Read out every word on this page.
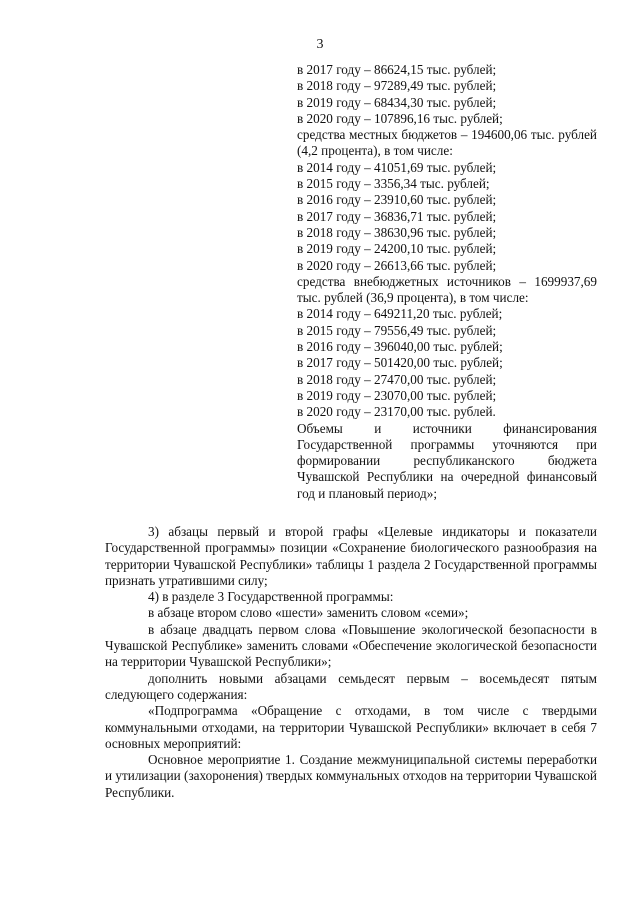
3
в 2017 году – 86624,15 тыс. рублей;
в 2018 году – 97289,49 тыс. рублей;
в 2019 году – 68434,30 тыс. рублей;
в 2020 году – 107896,16 тыс. рублей;
средства местных бюджетов – 194600,06 тыс. рублей (4,2 процента), в том числе:
в 2014 году – 41051,69 тыс. рублей;
в 2015 году – 3356,34 тыс. рублей;
в 2016 году – 23910,60 тыс. рублей;
в 2017 году – 36836,71 тыс. рублей;
в 2018 году – 38630,96 тыс. рублей;
в 2019 году – 24200,10 тыс. рублей;
в 2020 году – 26613,66 тыс. рублей;
средства внебюджетных источников – 1699937,69 тыс. рублей (36,9 процента), в том числе:
в 2014 году – 649211,20 тыс. рублей;
в 2015 году – 79556,49 тыс. рублей;
в 2016 году – 396040,00 тыс. рублей;
в 2017 году – 501420,00 тыс. рублей;
в 2018 году – 27470,00 тыс. рублей;
в 2019 году – 23070,00 тыс. рублей;
в 2020 году – 23170,00 тыс. рублей.
Объемы и источники финансирования Государственной программы уточняются при формировании республиканского бюджета Чувашской Республики на очередной финансовый год и плановый период»;
3) абзацы первый и второй графы «Целевые индикаторы и показатели Государственной программы» позиции «Сохранение биологического разнообразия на территории Чувашской Республики» таблицы 1 раздела 2 Государственной программы признать утратившими силу;
4) в разделе 3 Государственной программы:
в абзаце втором слово «шести» заменить словом «семи»;
в абзаце двадцать первом слова «Повышение экологической безопасности в Чувашской Республике» заменить словами «Обеспечение экологической безопасности на территории Чувашской Республики»;
дополнить новыми абзацами семьдесят первым – восемьдесят пятым следующего содержания:
«Подпрограмма «Обращение с отходами, в том числе с твердыми коммунальными отходами, на территории Чувашской Республики» включает в себя 7 основных мероприятий:
Основное мероприятие 1. Создание межмуниципальной системы переработки и утилизации (захоронения) твердых коммунальных отходов на территории Чувашской Республики.
